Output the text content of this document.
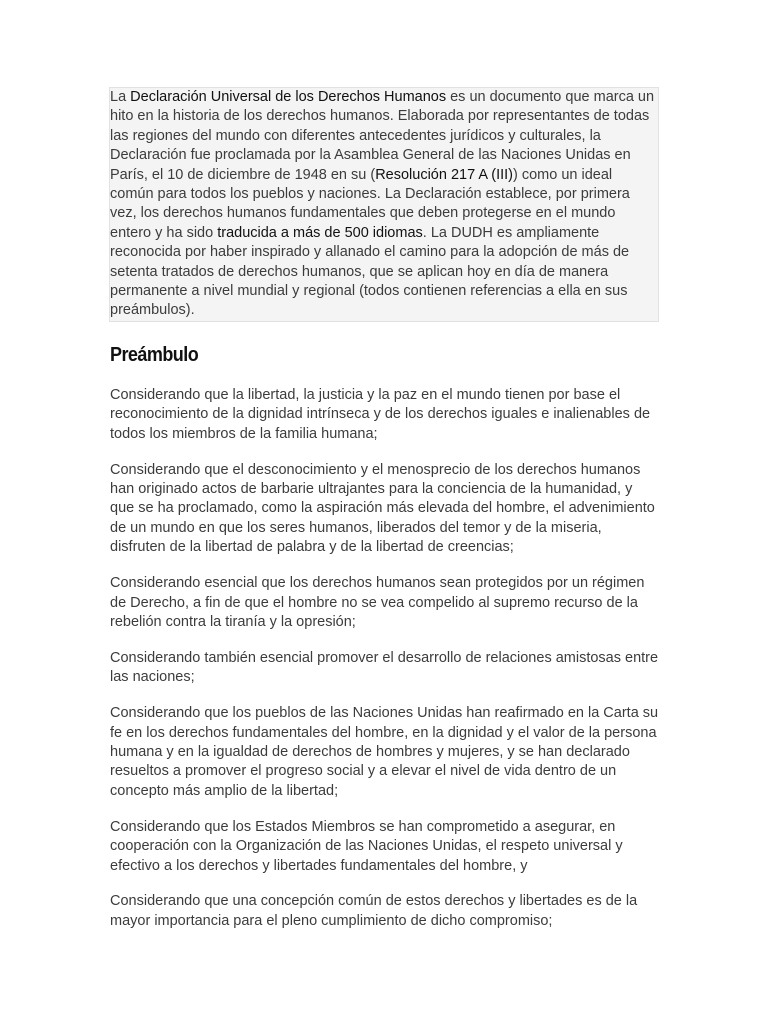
La Declaración Universal de los Derechos Humanos es un documento que marca un hito en la historia de los derechos humanos. Elaborada por representantes de todas las regiones del mundo con diferentes antecedentes jurídicos y culturales, la Declaración fue proclamada por la Asamblea General de las Naciones Unidas en París, el 10 de diciembre de 1948 en su (Resolución 217 A (III)) como un ideal común para todos los pueblos y naciones. La Declaración establece, por primera vez, los derechos humanos fundamentales que deben protegerse en el mundo entero y ha sido traducida a más de 500 idiomas. La DUDH es ampliamente reconocida por haber inspirado y allanado el camino para la adopción de más de setenta tratados de derechos humanos, que se aplican hoy en día de manera permanente a nivel mundial y regional (todos contienen referencias a ella en sus preámbulos).

Preámbulo

Considerando que la libertad, la justicia y la paz en el mundo tienen por base el reconocimiento de la dignidad intrínseca y de los derechos iguales e inalienables de todos los miembros de la familia humana;

Considerando que el desconocimiento y el menosprecio de los derechos humanos han originado actos de barbarie ultrajantes para la conciencia de la humanidad, y que se ha proclamado, como la aspiración más elevada del hombre, el advenimiento de un mundo en que los seres humanos, liberados del temor y de la miseria, disfruten de la libertad de palabra y de la libertad de creencias;

Considerando esencial que los derechos humanos sean protegidos por un régimen de Derecho, a fin de que el hombre no se vea compelido al supremo recurso de la rebelión contra la tiranía y la opresión;

Considerando también esencial promover el desarrollo de relaciones amistosas entre las naciones;

Considerando que los pueblos de las Naciones Unidas han reafirmado en la Carta su fe en los derechos fundamentales del hombre, en la dignidad y el valor de la persona humana y en la igualdad de derechos de hombres y mujeres, y se han declarado resueltos a promover el progreso social y a elevar el nivel de vida dentro de un concepto más amplio de la libertad;

Considerando que los Estados Miembros se han comprometido a asegurar, en cooperación con la Organización de las Naciones Unidas, el respeto universal y efectivo a los derechos y libertades fundamentales del hombre, y

Considerando que una concepción común de estos derechos y libertades es de la mayor importancia para el pleno cumplimiento de dicho compromiso;
